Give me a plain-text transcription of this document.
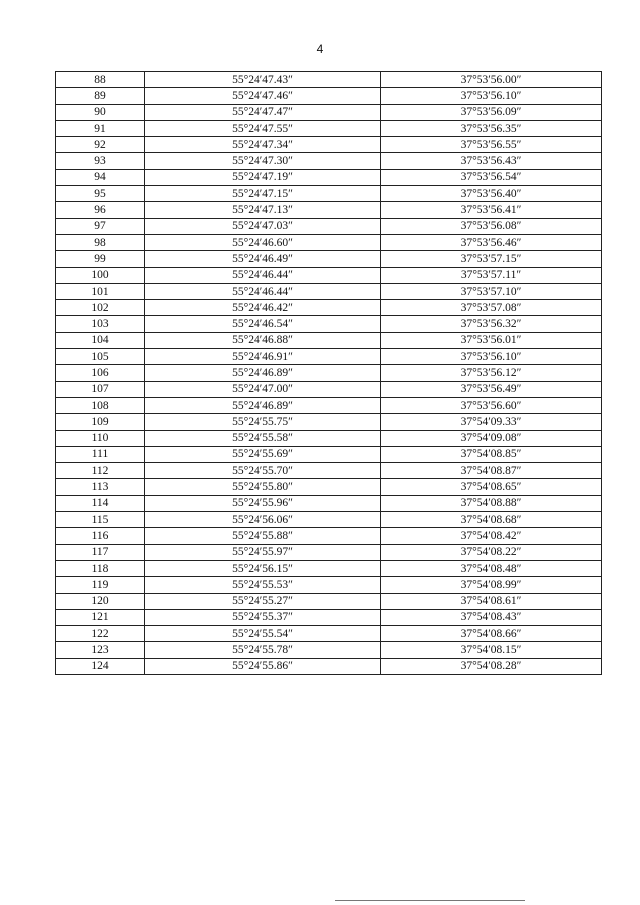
4
88	55°24′47.43″	37°53′56.00″
89	55°24′47.46″	37°53′56.10″
90	55°24′47.47″	37°53′56.09″
91	55°24′47.55″	37°53′56.35″
92	55°24′47.34″	37°53′56.55″
93	55°24′47.30″	37°53′56.43″
94	55°24′47.19″	37°53′56.54″
95	55°24′47.15″	37°53′56.40″
96	55°24′47.13″	37°53′56.41″
97	55°24′47.03″	37°53′56.08″
98	55°24′46.60″	37°53′56.46″
99	55°24′46.49″	37°53′57.15″
100	55°24′46.44″	37°53′57.11″
101	55°24′46.44″	37°53′57.10″
102	55°24′46.42″	37°53′57.08″
103	55°24′46.54″	37°53′56.32″
104	55°24′46.88″	37°53′56.01″
105	55°24′46.91″	37°53′56.10″
106	55°24′46.89″	37°53′56.12″
107	55°24′47.00″	37°53′56.49″
108	55°24′46.89″	37°53′56.60″
109	55°24′55.75″	37°54′09.33″
110	55°24′55.58″	37°54′09.08″
111	55°24′55.69″	37°54′08.85″
112	55°24′55.70″	37°54′08.87″
113	55°24′55.80″	37°54′08.65″
114	55°24′55.96″	37°54′08.88″
115	55°24′56.06″	37°54′08.68″
116	55°24′55.88″	37°54′08.42″
117	55°24′55.97″	37°54′08.22″
118	55°24′56.15″	37°54′08.48″
119	55°24′55.53″	37°54′08.99″
120	55°24′55.27″	37°54′08.61″
121	55°24′55.37″	37°54′08.43″
122	55°24′55.54″	37°54′08.66″
123	55°24′55.78″	37°54′08.15″
124	55°24′55.86″	37°54′08.28″
